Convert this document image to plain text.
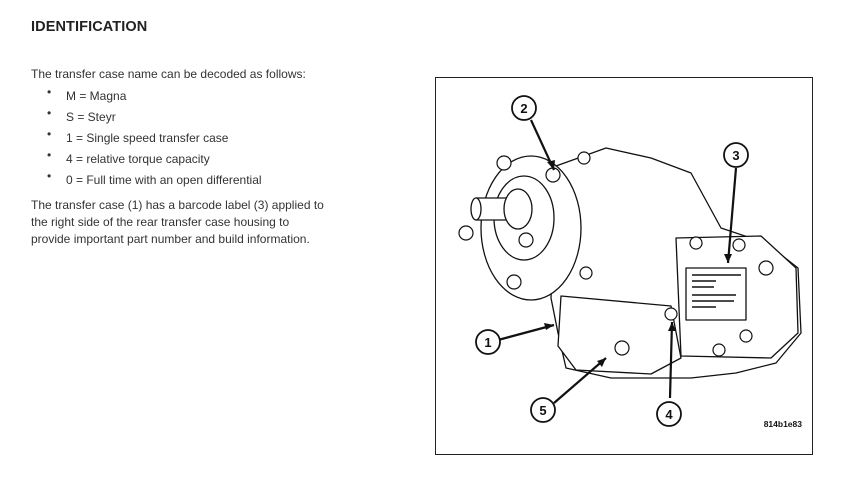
IDENTIFICATION

The transfer case name can be decoded as follows:

• M = Magna
• S = Steyr
• 1 = Single speed transfer case
• 4 = relative torque capacity
• 0 = Full time with an open differential

The transfer case (1) has a barcode label (3) applied to the right side of the rear transfer case housing to provide important part number and build information.

1
2
3
4
5
814b1e83
